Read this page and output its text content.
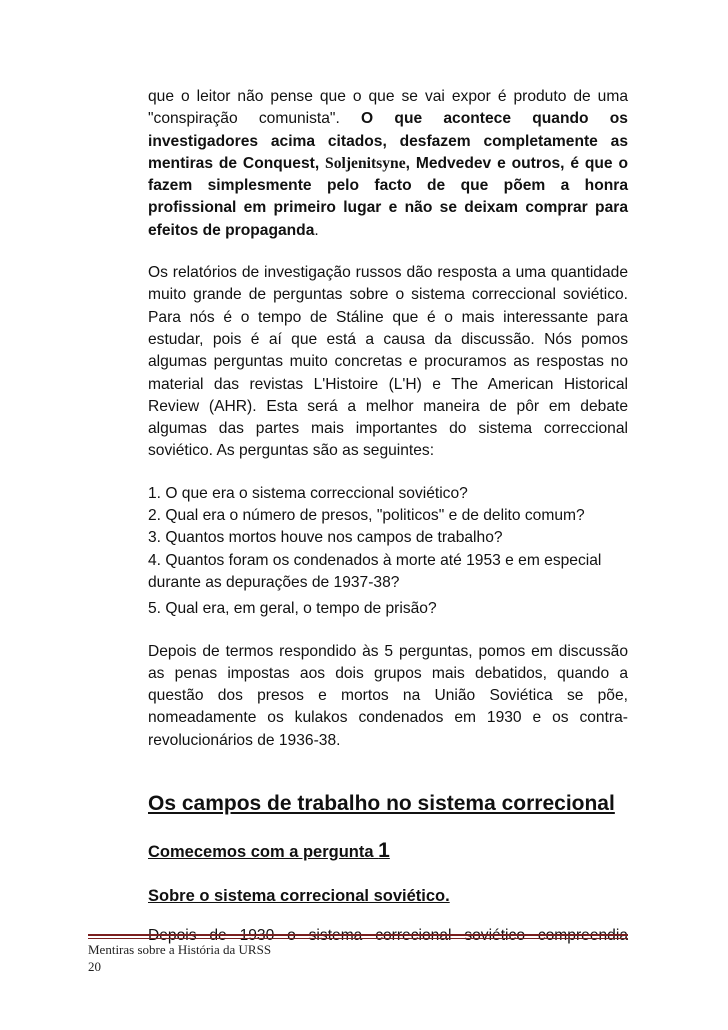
que o leitor não pense que o que se vai expor é produto de uma "conspiração comunista". O que acontece quando os investigadores acima citados, desfazem completamente as mentiras de Conquest, Soljenitsyne, Medvedev e outros, é que o fazem simplesmente pelo facto de que põem a honra profissional em primeiro lugar e não se deixam comprar para efeitos de propaganda.

Os relatórios de investigação russos dão resposta a uma quantidade muito grande de perguntas sobre o sistema correccional soviético. Para nós é o tempo de Stáline que é o mais interessante para estudar, pois é aí que está a causa da discussão. Nós pomos algumas perguntas muito concretas e procuramos as respostas no material das revistas L'Histoire (L'H) e The American Historical Review (AHR). Esta será a melhor maneira de pôr em debate algumas das partes mais importantes do sistema correccional soviético. As perguntas são as seguintes:

1. O que era o sistema correccional soviético?
2. Qual era o número de presos, "politicos" e de delito comum?
3. Quantos mortos houve nos campos de trabalho?
4. Quantos foram os condenados à morte até 1953 e em especial durante as depurações de 1937-38?
5. Qual era, em geral, o tempo de prisão?

Depois de termos respondido às 5 perguntas, pomos em discussão as penas impostas aos dois grupos mais debatidos, quando a questão dos presos e mortos na União Soviética se põe, nomeadamente os kulakos condenados em 1930 e os contra-revolucionários de 1936-38.

Os campos de trabalho no sistema correcional
Comecemos com a pergunta 1
Sobre o sistema correcional soviético.

Mentiras sobre a História da URSS
20
